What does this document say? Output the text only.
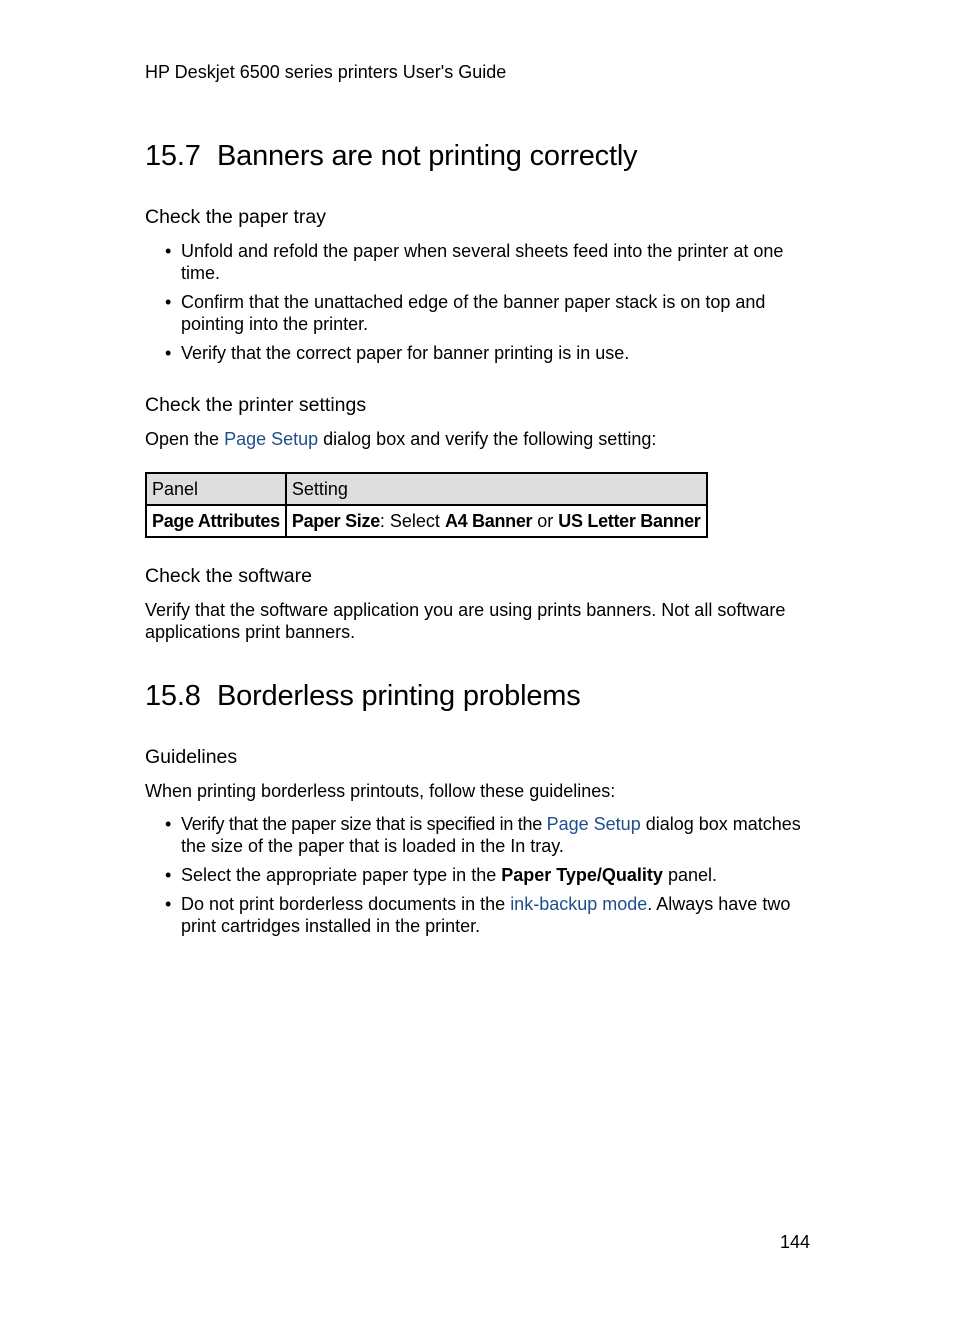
HP Deskjet 6500 series printers User's Guide
15.7 Banners are not printing correctly
Check the paper tray
• Unfold and refold the paper when several sheets feed into the printer at one time.
• Confirm that the unattached edge of the banner paper stack is on top and pointing into the printer.
• Verify that the correct paper for banner printing is in use.
Check the printer settings

Open the Page Setup dialog box and verify the following setting:

Panel	Setting
Page Attributes	Paper Size: Select A4 Banner or US Letter Banner
Check the software

Verify that the software application you are using prints banners. Not all software applications print banners.

15.8 Borderless printing problems
Guidelines

When printing borderless printouts, follow these guidelines:

• Verify that the paper size that is specified in the Page Setup dialog box matches the size of the paper that is loaded in the In tray.
• Select the appropriate paper type in the Paper Type/Quality panel.
• Do not print borderless documents in the ink-backup mode. Always have two print cartridges installed in the printer.
144
